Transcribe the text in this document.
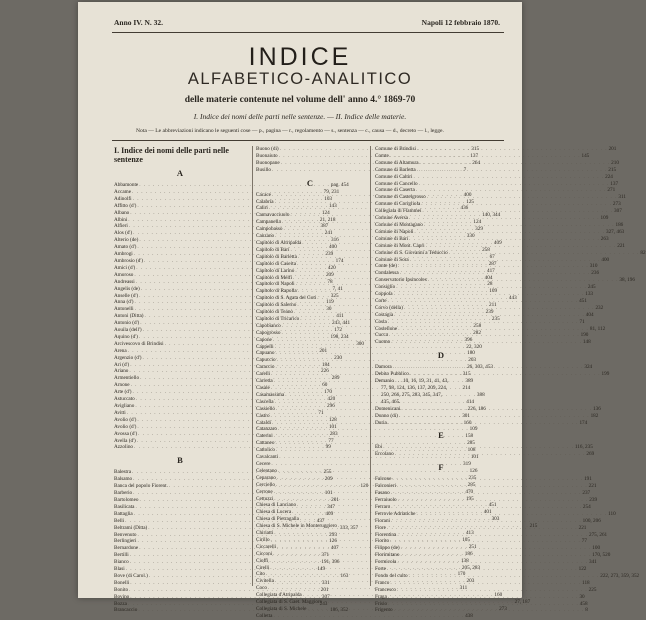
Anno IV. N. 32.	Napoli 12 febbraio 1870.
INDICE
ALFABETICO-ANALITICO
delle materie contenute nel volume dell' anno 4.° 1869-70
I. Indice dei nomi delle parti nelle sentenze. — II. Indice delle materie.
Nota — Le abbreviazioni indicano le seguenti cose — p., pagina — r., regolamento — s., sentenza — c., causa — d., decreto — l., legge.
I. Indice dei nomi delle parti nelle sentenze
A
Abbamonte . . .	pag. 454
Accame . . .	79, 231
Adinolfi . . .	103
Affitto (d') . . .	143
Albano . . .	124
Albini . . .	21, 218
Alfieri . . .	387
Alos (d') . . .	241
Alterio (de) . . .	316
Amato (d') . . .	400
Ambrogi . . .	239
Ambrosio (d') . . .	174
Amici (d') . . .	420
Amoroso . . .	209
Andreassi . . .	78
Angelis (de) . . .	7, 41
Anselle (d') . . .	325
Anna (d') . . .	119
Antonelli . . .	30
Antoni (Ditta) . . .	411
Antonio (d') . . .	243, 441
Aouila (dell') . . .	172
Aquino (d') . . .	198, 234
Arcivescovo di Brindisi . . .	300
Arena . . .	201
Argenzio (d') . . .	230
Ari (d') . . .	184
Ariano . . .	226
Armentiello . . .	289
Arnone . . .	60
Arte (d') . . .	170
Astuccato . . .	420
Avigliano . . .	296
Avitti . . .	71
Avolio (d') . . .	128
Avolio (d') . . .	101
Avossa (d') . . .	283
Avella (d') . . .	77
Azzolino . . .	99
B
Balestra . . .	255
Balsamo . . .	209
Banca del popolo Fiorent. . . .	120
Barberio . . .	101
Bartolomeo . . .	201
Basilicata . . .	347
Battaglia . . .	409
Belli . . .	437
Beltrami (Ditta) . . .	333, 357
Benvenuto . . .	293
Berlingieri . . .	126
Bernardone . . .	407
Bertilli . . .	371
Bianco . . .	191, 396
Blasi . . .	149
Bove (di Carol.) . . .	163
Bonelli . . .	331
Bonito . . .	201
Bovino . . .	307
Bozza . . .	243
Brancaccio . . .	186, 352
Buono (di) . . .	315
Buonaiuto . . .	137
Buonopane . . .	264
Busillo . . .	7
C
Cacace . . .	400
Calabria . . .	125
Caliri . . .	436
Cannavacciuolo . . .	140, 344
Campanella . . .	124
Campobasso . . .	329
Canzano . . .	330
Capitolo di Altripalda . . .	409
Capitolo di Bari . . .	258
Capitolo di Barletta . . .	67
Capitolo di Caserta . . .	287
Capitolo di Larino . . .	417
Capitolo di Melfi . . .	404
Capitolo di Napoli . . .	28
Capitolo di Rapolla . . .	109
Capitolo di S. Agata dei Goti . . .	443
Capitolo di Salerno . . .	211
Capitolo di Teano . . .	239
Capitolo di Tricarico . . .	235
Capobianco . . .	258
Capogrosso . . .	282
Capone . . .	396
Cappelli . . .	22, 320
Capuano . . .	180
Capuccio . . .	203
Caraccio . . .	26, 303, 453
Carelli . . .	315
Carretta . . .	389
Casale . . .	214
Casamassima . . .	388
Cascella . . .	414
Cassiello . . .	226, 186
Castro . . .	301
Cataldi . . .	160
Catanzaro . . .	109
Caterini . . .	158
Cattaneo . . .	285
Cattolico . . .	108
Cavalcanti . . .	101
Cecere . . .	319
Celentano . . .	126
Ceparano . . .	235
Cerciello . . .	285
Cerrone . . .	470
Cettuzzi . . .	195
Chiesa di Lanciano . . .	451
Chiesa di Lucera . . .	401
Chiesa di Pietragalla . . .	303
Chiesa di S. Michele in Monteruggiero . . .	215
Chiriatti . . .	413
Cirillo . . .	105
Ciccarelli . . .	251
Cicconi . . .	186
Cioffi . . .	138
Cirelli . . .	205, 283
Cito . . .	170
Civitella . . .	203
Coco . . .	311
Collegiata d'Atripalda . . .	160
Collegiata di S. Gaet. Maggiore . . .	27, 187
Collegiata di S. Michele . . .	273
Colletta . . .	438
Comune di Brindisi . . .	201
Comte . . .	145
Comune di Altamura . . .	210
Comune di Barletta . . .	215
Comune di Caltiri . . .	224
Comune di Cancello . . .	137
Comune di Caserta . . .	271
Comune di Castelgrosso . . .	311
Comune di Corigliola . . .	273
Collegiata di Flammei . . .	307
Comune Aversa . . .	109
Comune di Montagano . . .	186
Comune di Napoli . . .	327, 463
Comune di Bari . . .	263
Comune di Mont. Capri . . .	221
Comune di S. Giovanni a Teduccio . . .	82
Comune di Sora . . .	400
Conte (de) . . .	310
Condalessa . . .	236
Conservatorio Ipsincoles . . .	38, 196
Consiglio . . .	245
Coppola . . .	133
Corte . . .	451
Corvo (della) . . .	232
Costagia . . .	404
Costa . . .	71
Costellone . . .	81, 112
Cucca . . .	190
Cuomo . . .	148
D
Damora . . .	324
Debito Pubblico . . .	199
Demanio . . . 10, 16, 19, 31, 41, 43,
77, 98, 124, 136, 137, 209, 224,
250, 266, 275, 283, 345, 347,
435, 465.
Domenicani . . .	136
Donno (di) . . .	182
Duria . . .	174
E
Ebi . . .	116, 235
Ercolano . . .	269
F
Falcone . . .	191
Falconieri . . .	221
Fasano . . .	237
Ferraiuolo . . .	239
Ferraro . . .	254
Ferrovie Adriatiche . . .	110
Fiorani . . .	100, 206
Fiore . . .	221
Fiorentina . . .	275, 261
Fiorito . . .	77
Filippo (de) . . .	100
Florimitano . . .	170, 520
Formicola . . .	341
Forte . . .	122
Fondo del culto . . .	222, 273, 359, 352
Franco . . .	118
Francesco . . .	225
Fraga . . .	30
Frisio . . .	458
Frigento . . .	8
